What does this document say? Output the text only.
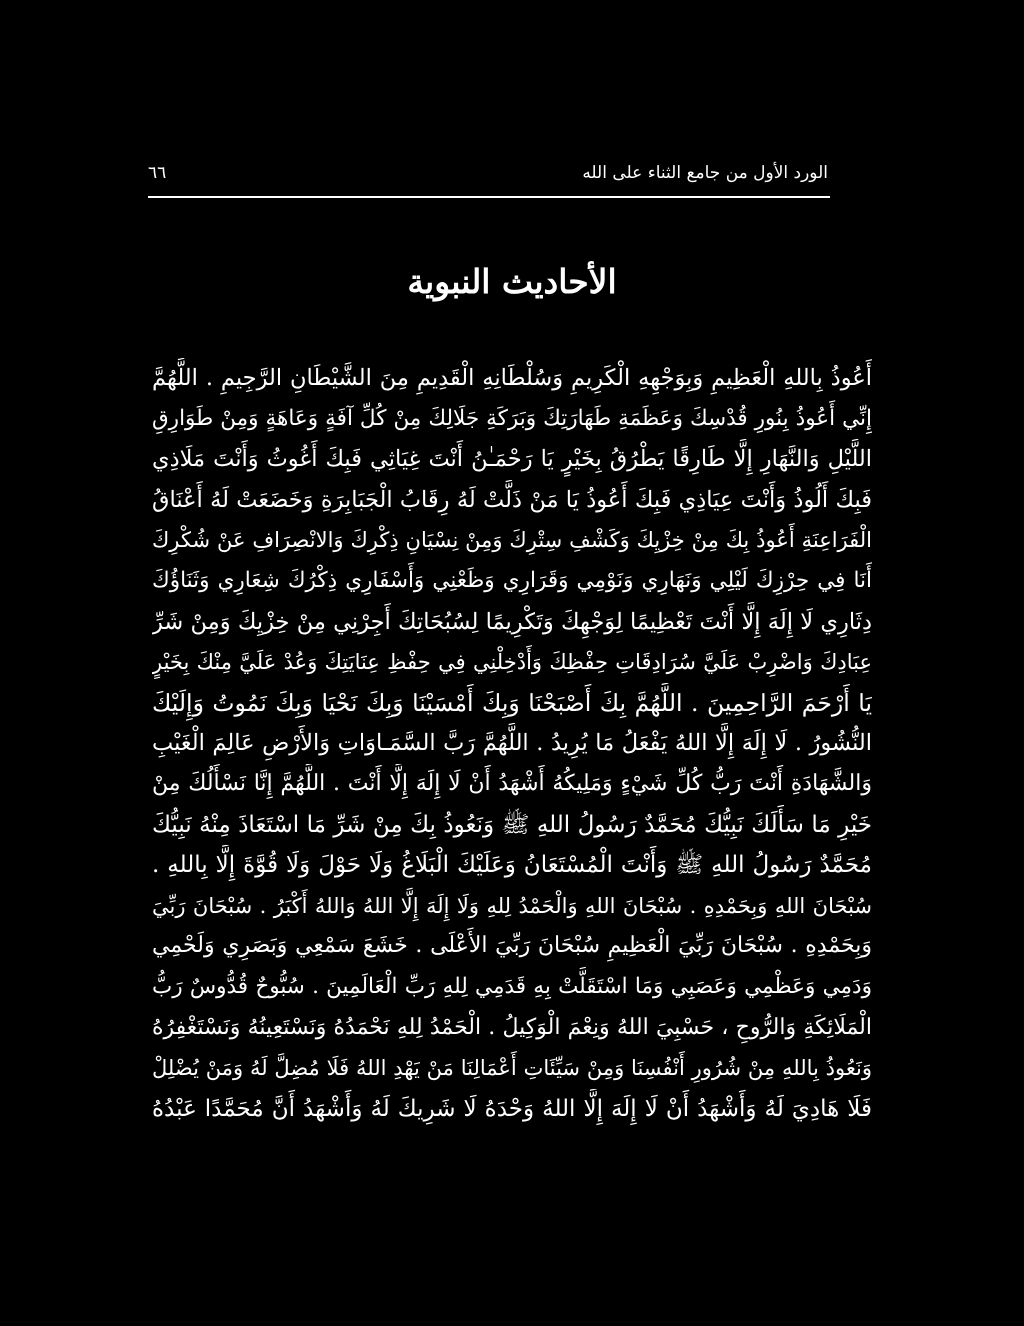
٦٦	الورد الأول من جامع الثناء على الله
الأحاديث النبوية
أَعُوذُ بِاللهِ الْعَظِيمِ وَبِوَجْهِهِ الْكَرِيمِ وَسُلْطَانِهِ الْقَدِيمِ مِنَ الشَّيْطَانِ الرَّجِيمِ . اللَّهُمَّ
إِنِّي أَعُوذُ بِنُورِ قُدْسِكَ وَعَظَمَةِ طَهَارَتِكَ وَبَرَكَةِ جَلَالِكَ مِنْ كُلِّ آفَةٍ وَعَاهَةٍ وَمِنْ طَوَارِقِ
اللَّيْلِ وَالنَّهَارِ إِلَّا طَارِقًا يَطْرُقُ بِخَيْرٍ يَا رَحْمَـٰنُ أَنْتَ غِيَاثِي فَبِكَ أَغُوثُ وَأَنْتَ مَلَاذِي
فَبِكَ أَلُوذُ وَأَنْتَ عِيَاذِي فَبِكَ أَعُوذُ يَا مَنْ ذَلَّتْ لَهُ رِقَابُ الْجَبَابِرَةِ وَخَضَعَتْ لَهُ أَعْنَاقُ
الْفَرَاعِنَةِ أَعُوذُ بِكَ مِنْ خِزْيِكَ وَكَشْفِ سِتْرِكَ وَمِنْ نِسْيَانِ ذِكْرِكَ وَالانْصِرَافِ عَنْ شُكْرِكَ
أَنَا فِي حِرْزِكَ لَيْلِي وَنَهَارِي وَنَوْمِي وَقَرَارِي وَظَعْنِي وَأَسْفَارِي ذِكْرُكَ شِعَارِي وَثَنَاؤُكَ
دِثَارِي لَا إِلَهَ إِلَّا أَنْتَ تَعْظِيمًا لِوَجْهِكَ وَتَكْرِيمًا لِسُبُحَاتِكَ أَجِرْنِي مِنْ خِزْيِكَ وَمِنْ شَرِّ
عِبَادِكَ وَاضْرِبْ عَلَيَّ سُرَادِقَاتِ حِفْظِكَ وَأَدْخِلْنِي فِي حِفْظِ عِنَايَتِكَ وَعُدْ عَلَيَّ مِنْكَ بِخَيْرٍ
يَا أَرْحَمَ الرَّاحِمِينَ . اللَّهُمَّ بِكَ أَصْبَحْنَا وَبِكَ أَمْسَيْنَا وَبِكَ نَحْيَا وَبِكَ نَمُوتُ وَإِلَيْكَ
النُّشُورُ . لَا إِلَهَ إِلَّا اللهُ يَفْعَلُ مَا يُرِيدُ . اللَّهُمَّ رَبَّ السَّمَـاوَاتِ وَالأَرْضِ عَالِمَ الْغَيْبِ
وَالشَّهَادَةِ أَنْتَ رَبُّ كُلِّ شَيْءٍ وَمَلِيكُهُ أَشْهَدُ أَنْ لَا إِلَهَ إِلَّا أَنْتَ . اللَّهُمَّ إِنَّا نَسْأَلُكَ مِنْ
خَيْرِ مَا سَأَلَكَ نَبِيُّكَ مُحَمَّدٌ رَسُولُ اللهِ ﷺ وَنَعُوذُ بِكَ مِنْ شَرِّ مَا اسْتَعَاذَ مِنْهُ نَبِيُّكَ
مُحَمَّدٌ رَسُولُ اللهِ ﷺ وَأَنْتَ الْمُسْتَعَانُ وَعَلَيْكَ الْبَلَاغُ وَلَا حَوْلَ وَلَا قُوَّةَ إِلَّا بِاللهِ .
سُبْحَانَ اللهِ وَبِحَمْدِهِ . سُبْحَانَ اللهِ وَالْحَمْدُ لِلهِ وَلَا إِلَهَ إِلَّا اللهُ وَاللهُ أَكْبَرُ . سُبْحَانَ رَبِّيَ
وَبِحَمْدِهِ . سُبْحَانَ رَبِّيَ الْعَظِيمِ سُبْحَانَ رَبِّيَ الأَعْلَى . خَشَعَ سَمْعِي وَبَصَرِي وَلَحْمِي
وَدَمِي وَعَظْمِي وَعَصَبِي وَمَا اسْتَقَلَّتْ بِهِ قَدَمِي لِلهِ رَبِّ الْعَالَمِينَ . سُبُّوحٌ قُدُّوسٌ رَبُّ
الْمَلَائِكَةِ وَالرُّوحِ ، حَسْبِيَ اللهُ وَنِعْمَ الْوَكِيلُ . الْحَمْدُ لِلهِ نَحْمَدُهُ وَنَسْتَعِينُهُ وَنَسْتَغْفِرُهُ
وَنَعُوذُ بِاللهِ مِنْ شُرُورِ أَنْفُسِنَا وَمِنْ سَيِّئَاتِ أَعْمَالِنَا مَنْ يَهْدِ اللهُ فَلَا مُضِلَّ لَهُ وَمَنْ يُضْلِلْ
فَلَا هَادِيَ لَهُ وَأَشْهَدُ أَنْ لَا إِلَهَ إِلَّا اللهُ وَحْدَهُ لَا شَرِيكَ لَهُ وَأَشْهَدُ أَنَّ مُحَمَّدًا عَبْدُهُ
